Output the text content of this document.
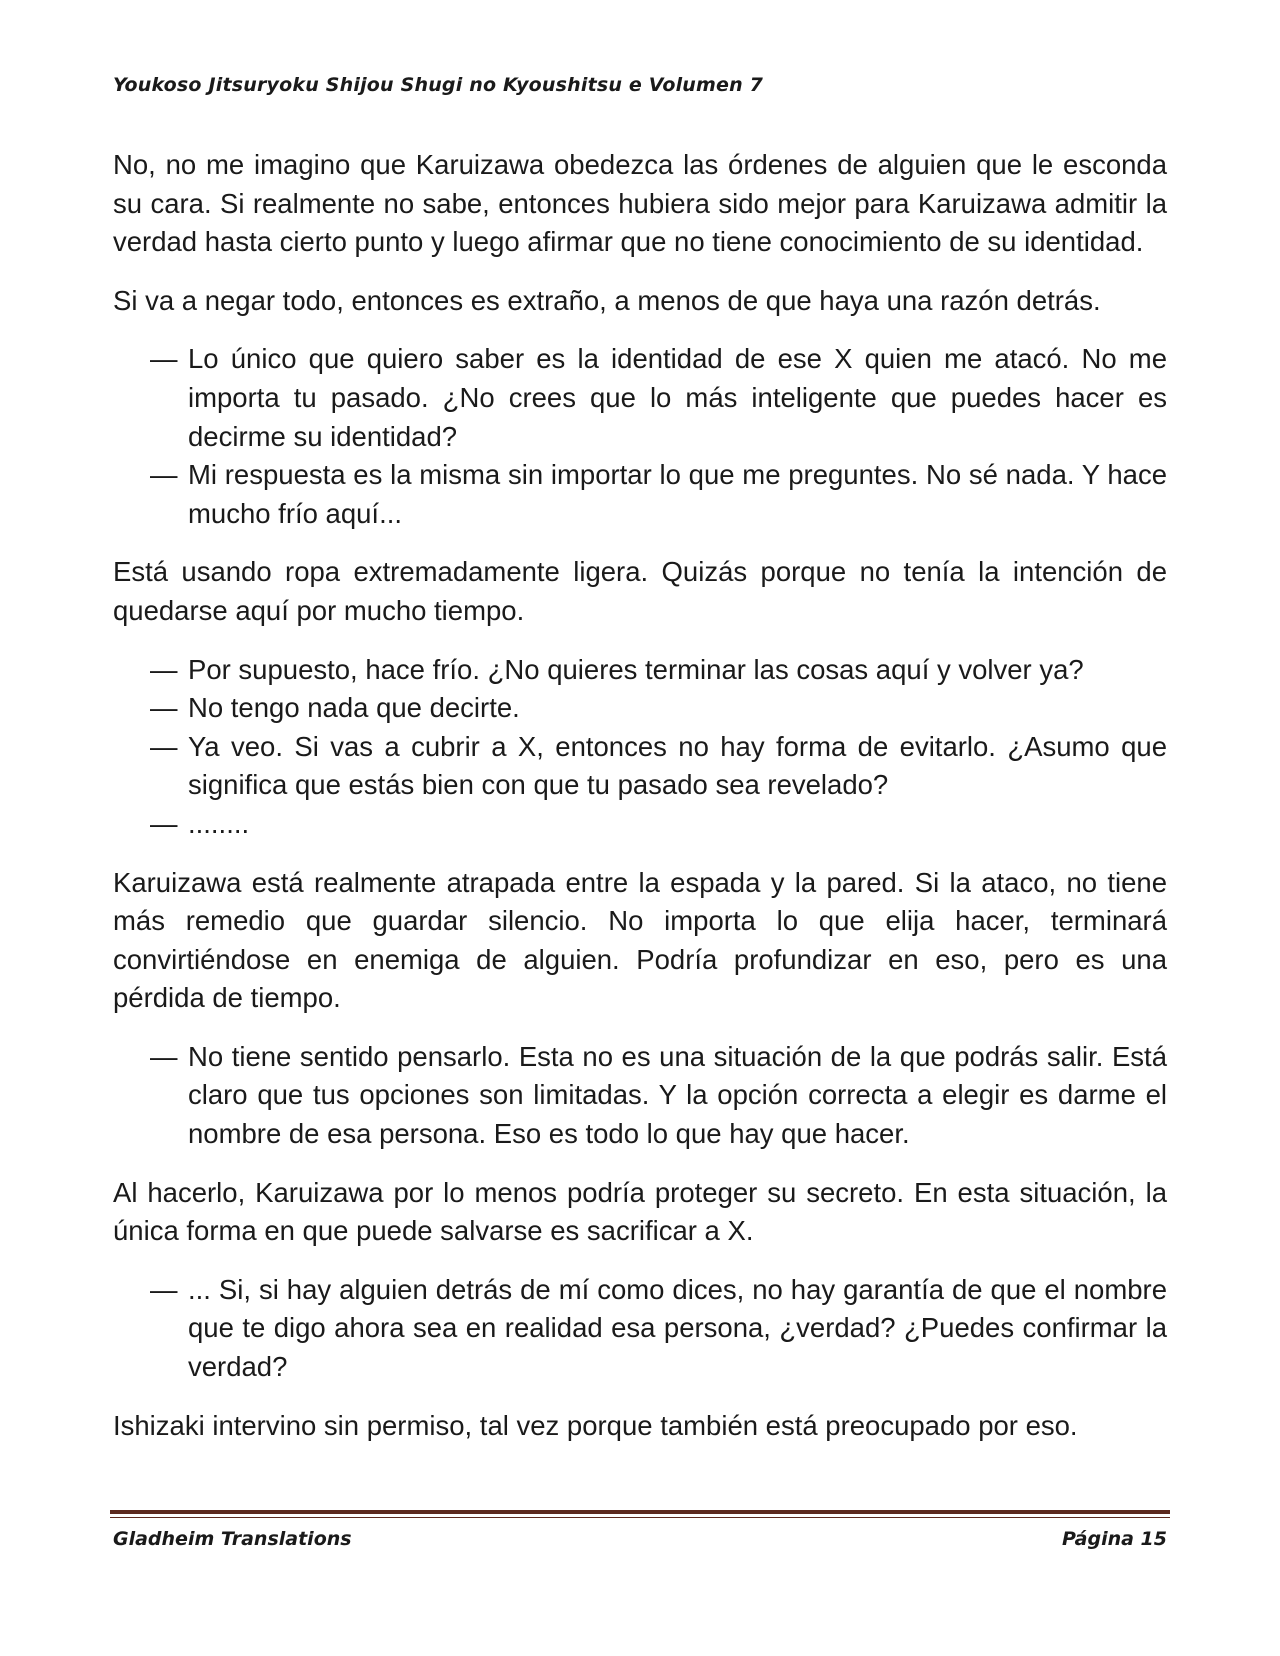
Youkoso Jitsuryoku Shijou Shugi no Kyoushitsu e Volumen 7

No, no me imagino que Karuizawa obedezca las órdenes de alguien que le esconda su cara. Si realmente no sabe, entonces hubiera sido mejor para Karuizawa admitir la verdad hasta cierto punto y luego afirmar que no tiene conocimiento de su identidad.

Si va a negar todo, entonces es extraño, a menos de que haya una razón detrás.

— Lo único que quiero saber es la identidad de ese X quien me atacó. No me importa tu pasado. ¿No crees que lo más inteligente que puedes hacer es decirme su identidad?

— Mi respuesta es la misma sin importar lo que me preguntes. No sé nada. Y hace mucho frío aquí...

Está usando ropa extremadamente ligera. Quizás porque no tenía la intención de quedarse aquí por mucho tiempo.

— Por supuesto, hace frío. ¿No quieres terminar las cosas aquí y volver ya?

— No tengo nada que decirte.

— Ya veo. Si vas a cubrir a X, entonces no hay forma de evitarlo. ¿Asumo que significa que estás bien con que tu pasado sea revelado?

— ........

Karuizawa está realmente atrapada entre la espada y la pared. Si la ataco, no tiene más remedio que guardar silencio. No importa lo que elija hacer, terminará convirtiéndose en enemiga de alguien. Podría profundizar en eso, pero es una pérdida de tiempo.

— No tiene sentido pensarlo. Esta no es una situación de la que podrás salir. Está claro que tus opciones son limitadas. Y la opción correcta a elegir es darme el nombre de esa persona. Eso es todo lo que hay que hacer.

Al hacerlo, Karuizawa por lo menos podría proteger su secreto. En esta situación, la única forma en que puede salvarse es sacrificar a X.

— ... Si, si hay alguien detrás de mí como dices, no hay garantía de que el nombre que te digo ahora sea en realidad esa persona, ¿verdad? ¿Puedes confirmar la verdad?

Ishizaki intervino sin permiso, tal vez porque también está preocupado por eso.

Gladheim Translations	Página 15
